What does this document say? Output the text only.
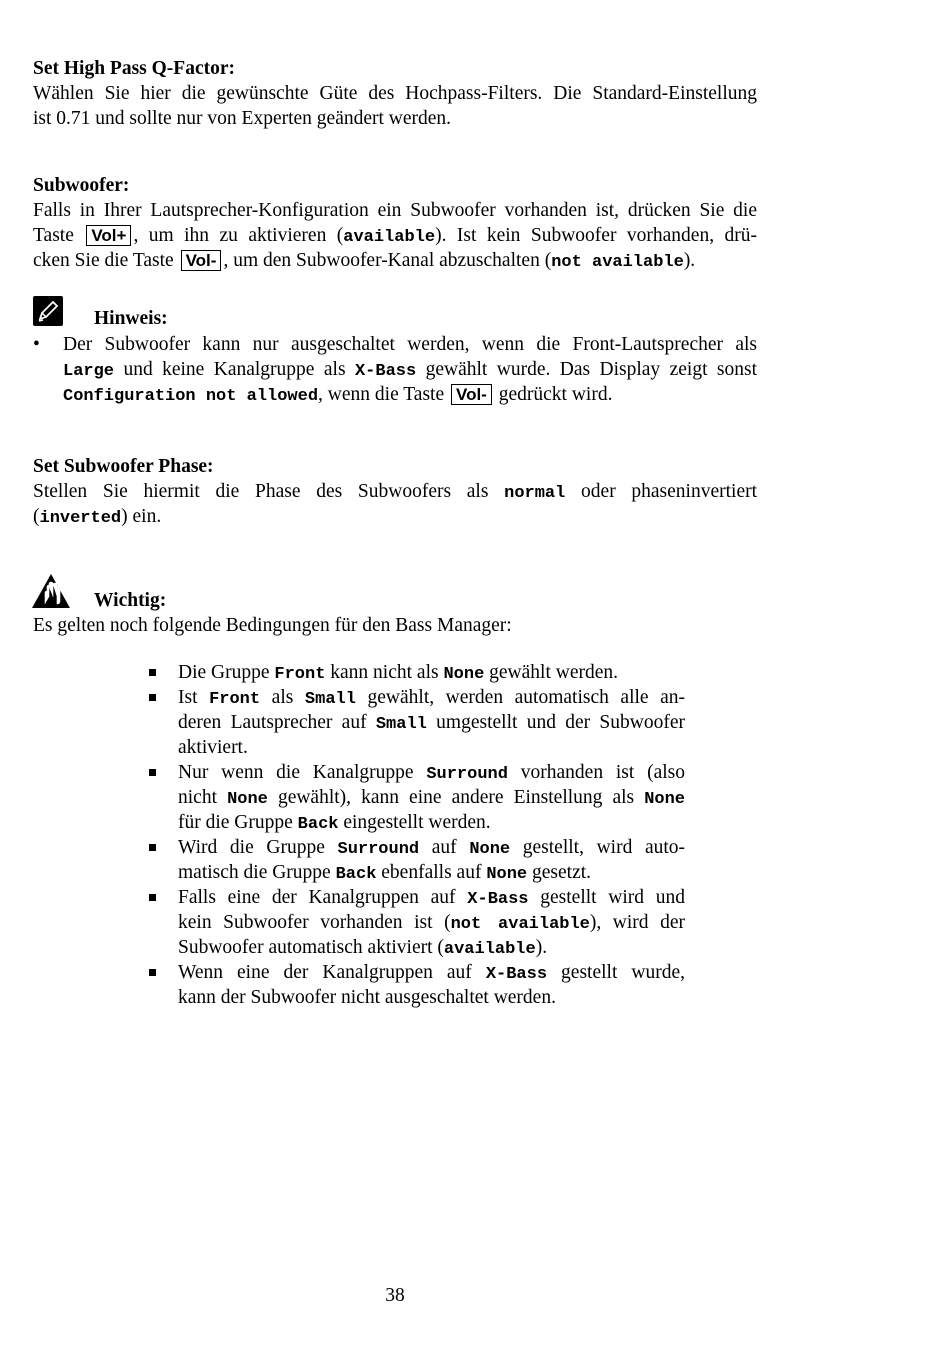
Set High Pass Q-Factor:
Wählen Sie hier die gewünschte Güte des Hochpass-Filters. Die Standard-Einstellung
ist 0.71 und sollte nur von Experten geändert werden.
Subwoofer:
Falls in Ihrer Lautsprecher-Konfiguration ein Subwoofer vorhanden ist, drücken Sie die
Taste Vol+ , um ihn zu aktivieren (available). Ist kein Subwoofer vorhanden, drü-
cken Sie die Taste Vol- , um den Subwoofer-Kanal abzuschalten (not available).
Hinweis:
• Der Subwoofer kann nur ausgeschaltet werden, wenn die Front-Lautsprecher als
Large und keine Kanalgruppe als X-Bass gewählt wurde. Das Display zeigt sonst
Configuration not allowed, wenn die Taste Vol- gedrückt wird.
Set Subwoofer Phase:
Stellen Sie hiermit die Phase des Subwoofers als normal oder phaseninvertiert
(inverted) ein.
Wichtig:
Es gelten noch folgende Bedingungen für den Bass Manager:
Die Gruppe Front kann nicht als None gewählt werden.
Ist Front als Small gewählt, werden automatisch alle an-
deren Lautsprecher auf Small umgestellt und der Subwoofer
aktiviert.
Nur wenn die Kanalgruppe Surround vorhanden ist (also
nicht None gewählt), kann eine andere Einstellung als None
für die Gruppe Back eingestellt werden.
Wird die Gruppe Surround auf None gestellt, wird auto-
matisch die Gruppe Back ebenfalls auf None gesetzt.
Falls eine der Kanalgruppen auf X-Bass gestellt wird und
kein Subwoofer vorhanden ist (not available), wird der
Subwoofer automatisch aktiviert (available).
Wenn eine der Kanalgruppen auf X-Bass gestellt wurde,
kann der Subwoofer nicht ausgeschaltet werden.
38
